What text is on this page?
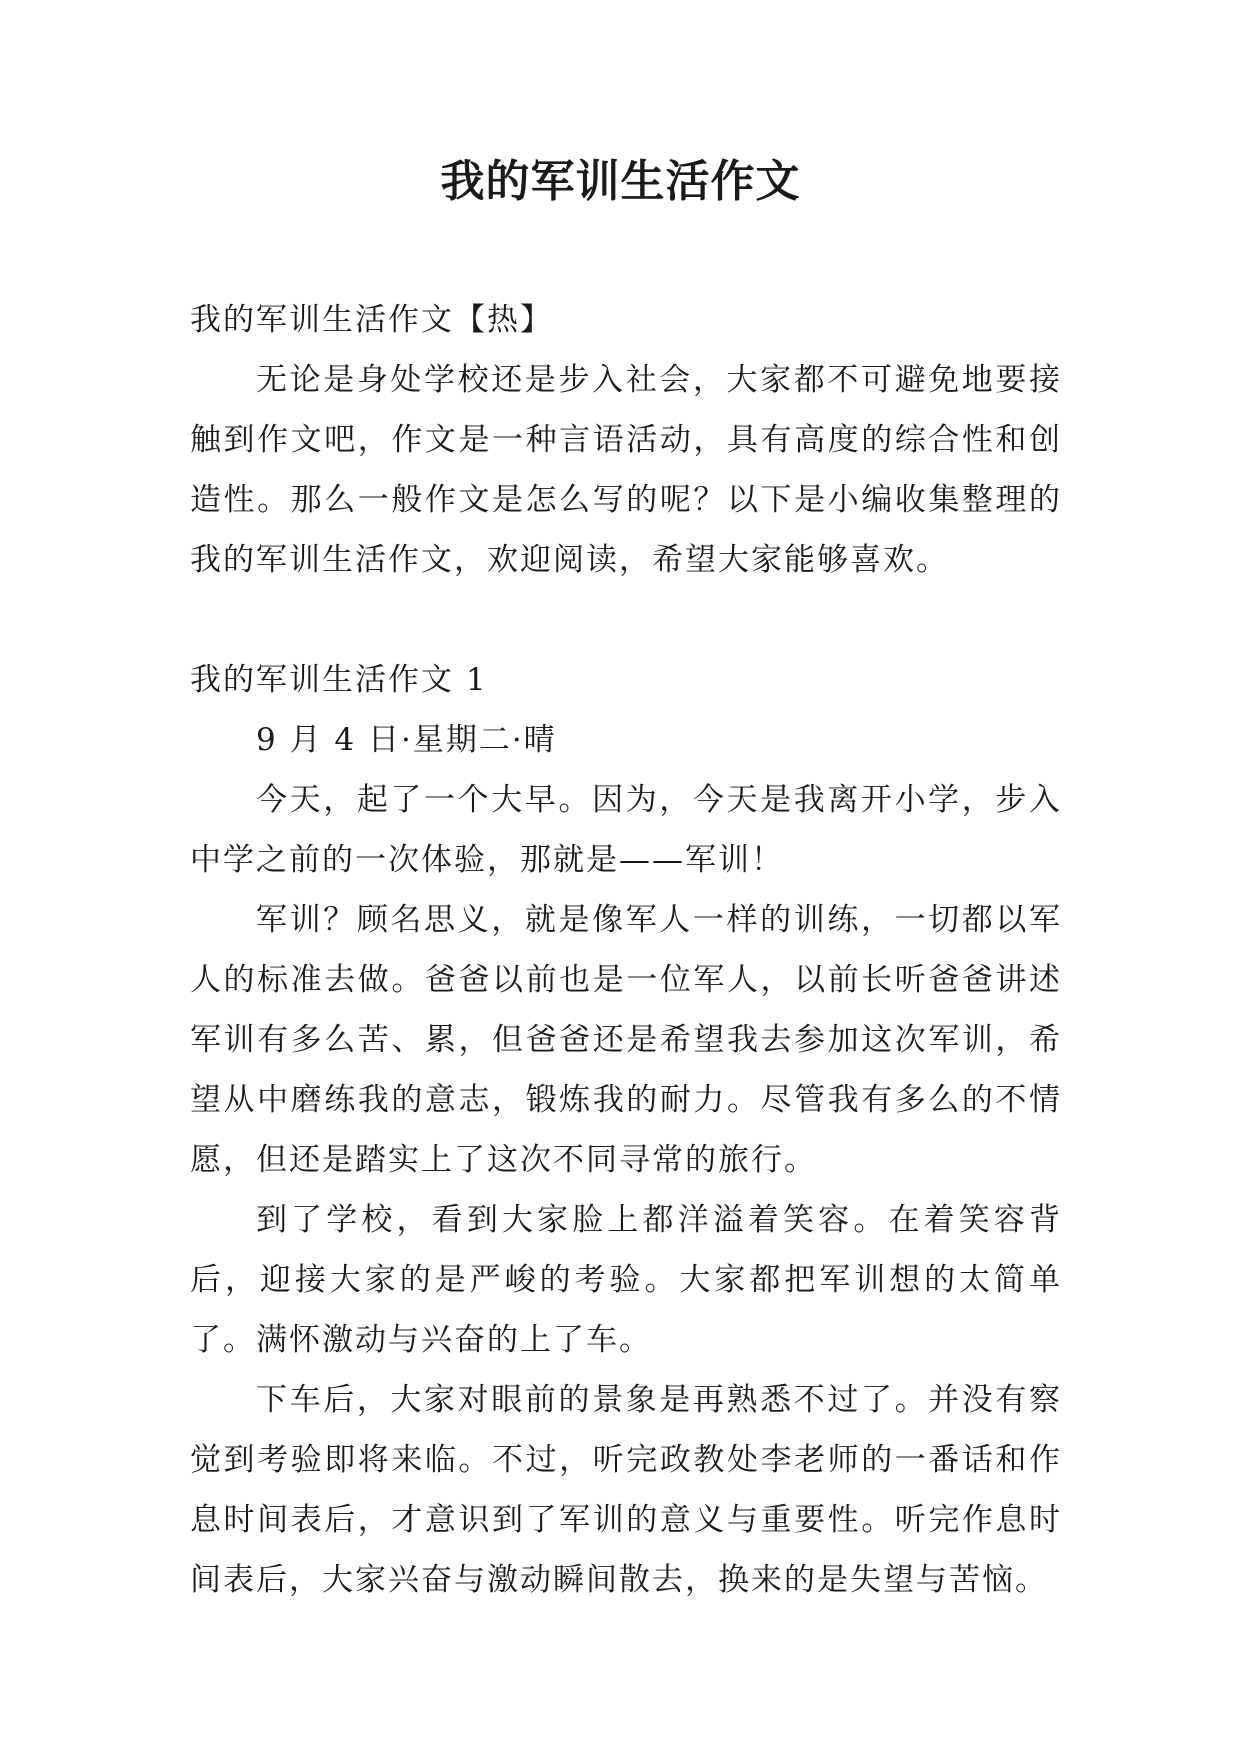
我的军训生活作文

我的军训生活作文【热】

无论是身处学校还是步入社会，大家都不可避免地要接触到作文吧，作文是一种言语活动，具有高度的综合性和创造性。那么一般作文是怎么写的呢？以下是小编收集整理的我的军训生活作文，欢迎阅读，希望大家能够喜欢。

我的军训生活作文 1

9 月 4 日·星期二·晴

今天，起了一个大早。因为，今天是我离开小学，步入中学之前的一次体验，那就是——军训！

军训？顾名思义，就是像军人一样的训练，一切都以军人的标准去做。爸爸以前也是一位军人，以前长听爸爸讲述军训有多么苦、累，但爸爸还是希望我去参加这次军训，希望从中磨练我的意志，锻炼我的耐力。尽管我有多么的不情愿，但还是踏实上了这次不同寻常的旅行。

到了学校，看到大家脸上都洋溢着笑容。在着笑容背后，迎接大家的是严峻的考验。大家都把军训想的太简单了。满怀激动与兴奋的上了车。

下车后，大家对眼前的景象是再熟悉不过了。并没有察觉到考验即将来临。不过，听完政教处李老师的一番话和作息时间表后，才意识到了军训的意义与重要性。听完作息时间表后，大家兴奋与激动瞬间散去，换来的是失望与苦恼。
